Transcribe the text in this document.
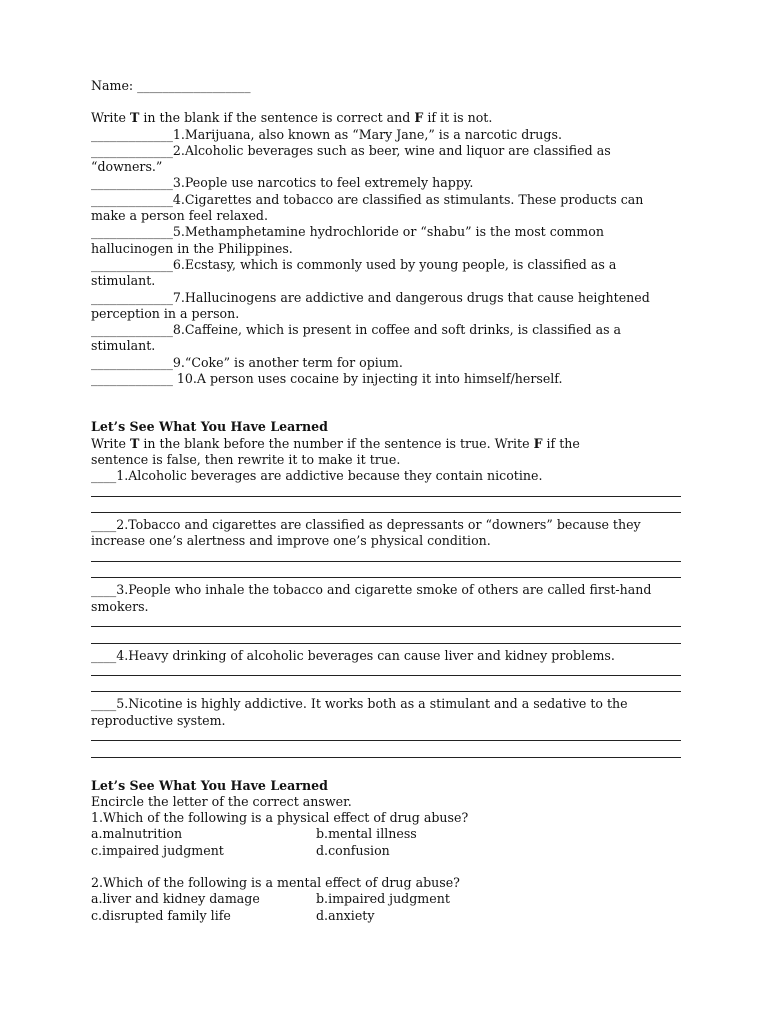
Name: __________________
Write T in the blank if the sentence is correct and F if it is not.
_____________1.Marijuana, also known as “Mary Jane,” is a narcotic drugs.
_____________2.Alcoholic beverages such as beer, wine and liquor are classified as
“downers.”
_____________3.People use narcotics to feel extremely happy.
_____________4.Cigarettes and tobacco are classified as stimulants. These products can
make a person feel relaxed.
_____________5.Methamphetamine hydrochloride or “shabu” is the most common
hallucinogen in the Philippines.
_____________6.Ecstasy, which is commonly used by young people, is classified as a
stimulant.
_____________7.Hallucinogens are addictive and dangerous drugs that cause heightened
perception in a person.
_____________8.Caffeine, which is present in coffee and soft drinks, is classified as a
stimulant.
_____________9.“Coke” is another term for opium.
_____________ 10.A person uses cocaine by injecting it into himself/herself.
Let’s See What You Have Learned
Write T in the blank before the number if the sentence is true. Write F if the
sentence is false, then rewrite it to make it true.
____1.Alcoholic beverages are addictive because they contain nicotine.
____2.Tobacco and cigarettes are classified as depressants or “downers” because they
increase one’s alertness and improve one’s physical condition.
____3.People who inhale the tobacco and cigarette smoke of others are called first-hand
smokers.
____4.Heavy drinking of alcoholic beverages can cause liver and kidney problems.
____5.Nicotine is highly addictive. It works both as a stimulant and a sedative to the
reproductive system.
Let’s See What You Have Learned
Encircle the letter of the correct answer.
1.Which of the following is a physical effect of drug abuse?
a.malnutrition	b.mental illness
c.impaired judgment	d.confusion
2.Which of the following is a mental effect of drug abuse?
a.liver and kidney damage	b.impaired judgment
c.disrupted family life	d.anxiety
